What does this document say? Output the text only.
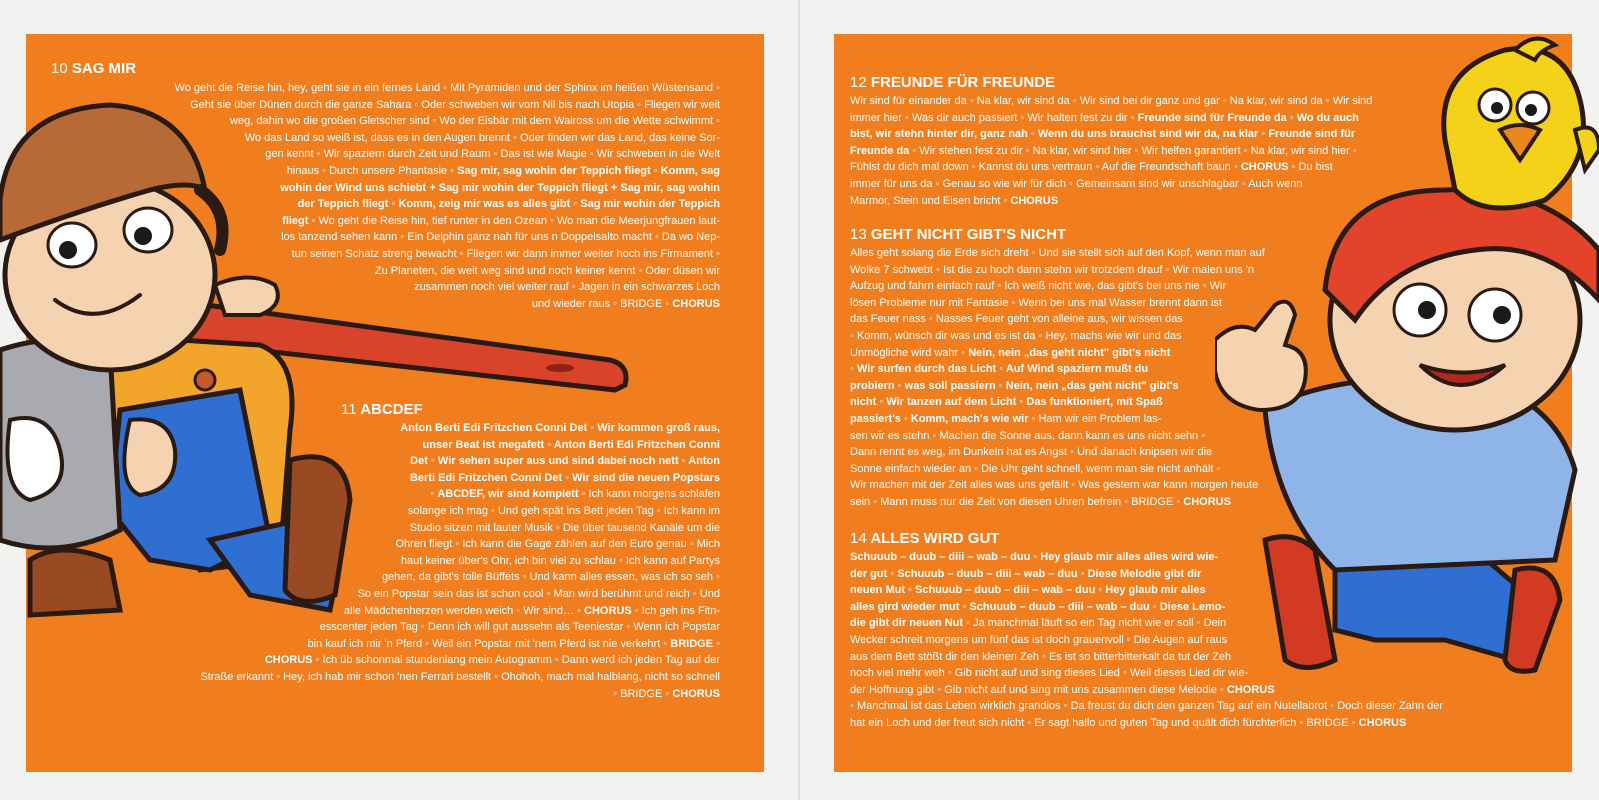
10 SAG MIR

Wo geht die Reise hin, hey, geht sie in ein fernes Land ◦ Mit Pyramiden und der Sphinx im heißen Wüstensand ◦

Geht sie über Dünen durch die ganze Sahara ◦ Oder schweben wir vom Nil bis nach Utopia ◦ Fliegen wir weit

weg, dahin wo die großen Gletscher sind ◦ Wo der Eisbär mit dem Walross um die Wette schwimmt ◦

Wo das Land so weiß ist, dass es in den Augen brennt ◦ Oder finden wir das Land, das keine Sor-

gen kennt ◦ Wir spaziern durch Zeit und Raum ◦ Das ist wie Magie ◦ Wir schweben in die Welt

hinaus ◦ Durch unsere Phantasie ◦ Sag mir, sag wohin der Teppich fliegt ◦ Komm, sag

wohin der Wind uns schiebt + Sag mir wohin der Teppich fliegt + Sag mir, sag wohin

der Teppich fliegt ◦ Komm, zeig mir was es alles gibt ◦ Sag mir wohin der Teppich

fliegt ◦ Wo geht die Reise hin, tief runter in den Ozean ◦ Wo man die Meerjungfrauen laut-

los tanzend sehen kann ◦ Ein Delphin ganz nah für uns n Doppelsalto macht ◦ Da wo Nep-

tun seinen Schatz streng bewacht ◦ Fliegen wir dann immer weiter hoch ins Firmament ◦

Zu Planeten, die weit weg sind und noch keiner kennt ◦ Oder düsen wir

zusammen noch viel weiter rauf ◦ Jagen in ein schwarzes Loch

und wieder raus ◦ BRIDGE ◦ CHORUS

11 ABCDEF

Anton Berti Edi Fritzchen Conni Det ◦ Wir kommen groß raus,

unser Beat ist megafett ◦ Anton Berti Edi Fritzchen Conni

Det ◦ Wir sehen super aus und sind dabei noch nett ◦ Anton

Berti Edi Fritzchen Conni Det ◦ Wir sind die neuen Popstars

◦ ABCDEF, wir sind komplett ◦ Ich kann morgens schlafen

solange ich mag ◦ Und geh spät ins Bett jeden Tag ◦ Ich kann im

Studio sitzen mit lauter Musik ◦ Die über tausend Kanäle um die

Ohren fliegt ◦ Ich kann die Gage zählen auf den Euro genau ◦ Mich

haut keiner über's Ohr, ich bin viel zu schlau ◦ Ich kann auf Partys

gehen, da gibt's tolle Büffets ◦ Und kann alles essen, was ich so seh ◦

So ein Popstar sein das ist schon cool ◦ Man wird berühmt und reich ◦ Und

alle Mädchenherzen werden weich ◦ Wir sind… ◦ CHORUS ◦ Ich geh ins Fitn-

esscenter jeden Tag ◦ Denn ich will gut aussehn als Teeniestar ◦ Wenn ich Popstar

bin kauf ich mir 'n Pferd ◦ Weil ein Popstar mit 'nem Pferd ist nie verkehrt ◦ BRIDGE ◦

CHORUS ◦ Ich üb schonmal stundenlang mein Autogramm ◦ Dann werd ich jeden Tag auf der

Straße erkannt ◦ Hey, ich hab mir schon 'nen Ferrari bestellt ◦ Ohohoh, mach mal halblang, nicht so schnell

◦ BRIDGE ◦ CHORUS

12 FREUNDE FÜR FREUNDE

Wir sind für einander da ◦ Na klar, wir sind da ◦ Wir sind bei dir ganz und gar ◦ Na klar, wir sind da ◦ Wir sind

immer hier ◦ Was dir auch passiert ◦ Wir halten fest zu dir ◦ Freunde sind für Freunde da ◦ Wo du auch

bist, wir stehn hinter dir, ganz nah ◦ Wenn du uns brauchst sind wir da, na klar ◦ Freunde sind für

Freunde da ◦ Wir stehen fest zu dir ◦ Na klar, wir sind hier ◦ Wir helfen garantiert ◦ Na klar, wir sind hier ◦

Fühlst du dich mal down ◦ Kannst du uns vertraun ◦ Auf die Freundschaft baun ◦ CHORUS ◦ Du bist

immer für uns da ◦ Genau so wie wir für dich ◦ Gemeinsam sind wir unschlagbar ◦ Auch wenn

Marmor, Stein und Eisen bricht ◦ CHORUS

13 GEHT NICHT GIBT'S NICHT

Alles geht solang die Erde sich dreht ◦ Und sie stellt sich auf den Kopf, wenn man auf

Wolke 7 schwebt ◦ Ist die zu hoch dann stehn wir trotzdem drauf ◦ Wir malen uns 'n

Aufzug und fahrn einfach rauf ◦ Ich weiß nicht wie, das gibt's bei uns nie ◦ Wir

lösen Probleme nur mit Fantasie ◦ Wenn bei uns mal Wasser brennt dann ist

das Feuer nass ◦ Nasses Feuer geht von alleine aus, wir wissen das

◦ Komm, wünsch dir was und es ist da ◦ Hey, machs wie wir und das

Unmögliche wird wahr ◦ Nein, nein „das geht nicht" gibt's nicht

◦ Wir surfen durch das Licht ◦ Auf Wind spaziern mußt du

probiern ◦ was soll passiern ◦ Nein, nein „das geht nicht" gibt's

nicht ◦ Wir tanzen auf dem Licht ◦ Das funktioniert, mit Spaß

passiert's ◦ Komm, mach's wie wir ◦ Ham wir ein Problem las-

sen wir es stehn ◦ Machen die Sonne aus, dann kann es uns nicht sehn ◦

Dann rennt es weg, im Dunkeln hat es Angst ◦ Und danach knipsen wir die

Sonne einfach wieder an ◦ Die Uhr geht schnell, wenn man sie nicht anhält ◦

Wir machen mit der Zeit alles was uns gefällt ◦ Was gestern war kann morgen heute

sein ◦ Mann muss nur die Zeit von diesen Uhren befrein ◦ BRIDGE ◦ CHORUS

14 ALLES WIRD GUT

Schuuub – duub – diii – wab – duu ◦ Hey glaub mir alles alles wird wie-

der gut ◦ Schuuub – duub – diii – wab – duu ◦ Diese Melodie gibt dir

neuen Mut ◦ Schuuub – duub – diii – wab – duu ◦ Hey glaub mir alles

alles gird wieder mut ◦ Schuuub – duub – diii – wab – duu ◦ Diese Lemo-

die gibt dir neuen Nut ◦ Ja manchmal läuft so ein Tag nicht wie er soll ◦ Dein

Wecker schreit morgens um fünf das ist doch grauenvoll ◦ Die Augen auf raus

aus dem Bett stößt dir den kleinen Zeh ◦ Es ist so bitterbitterkalt da tut der Zeh

noch viel mehr weh ◦ Gib nicht auf und sing dieses Lied ◦ Weil dieses Lied dir wie-

der Hoffnung gibt ◦ Gib nicht auf und sing mit uns zusammen diese Melodie ◦ CHORUS

◦ Manchmal ist das Leben wirklich grandios ◦ Da freust du dich den ganzen Tag auf ein Nutellabrot ◦ Doch dieser Zahn der

hat ein Loch und der freut sich nicht ◦ Er sagt hallo und guten Tag und quält dich fürchterlich ◦ BRIDGE ◦ CHORUS
